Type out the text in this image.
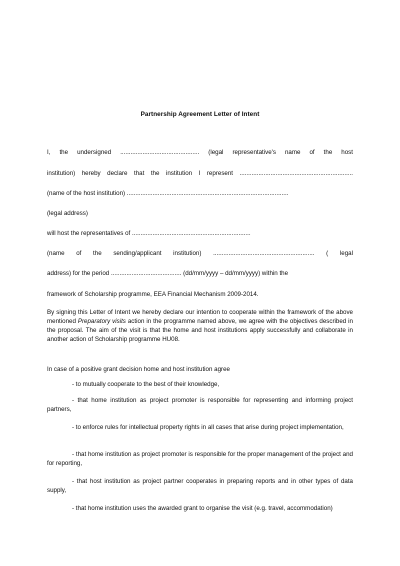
Partnership Agreement Letter of Intent
I, the undersigned .............................................. (legal representative's name of the host
institution) hereby declare that the institution I represent ..................................................................
(name of the host institution) ..............................................................................................
(legal address)
will host the representatives of .....................................................................
(name of the sending/applicant institution) ........................................................... ( legal
address) for the period ......................................... (dd/mm/yyyy – dd/mm/yyyy) within the
framework of Scholarship programme, EEA Financial Mechanism 2009-2014.
By signing this Letter of Intent we hereby declare our intention to cooperate within the framework of the above mentioned Preparatory visits action in the programme named above, we agree with the objectives described in the proposal. The aim of the visit is that the home and host institutions apply successfully and collaborate in another action of Scholarship programme HU08.
In case of a positive grant decision home and host institution agree
- to mutually cooperate to the best of their knowledge,
- that home institution as project promoter is responsible for representing and informing project partners,
- to enforce rules for intellectual property rights in all cases that arise during project implementation,
- that home institution as project promoter is responsible for the proper management of the project and for reporting,
- that host institution as project partner cooperates in preparing reports and in other types of data supply,
- that home institution uses the awarded grant to organise the visit (e.g. travel, accommodation)
